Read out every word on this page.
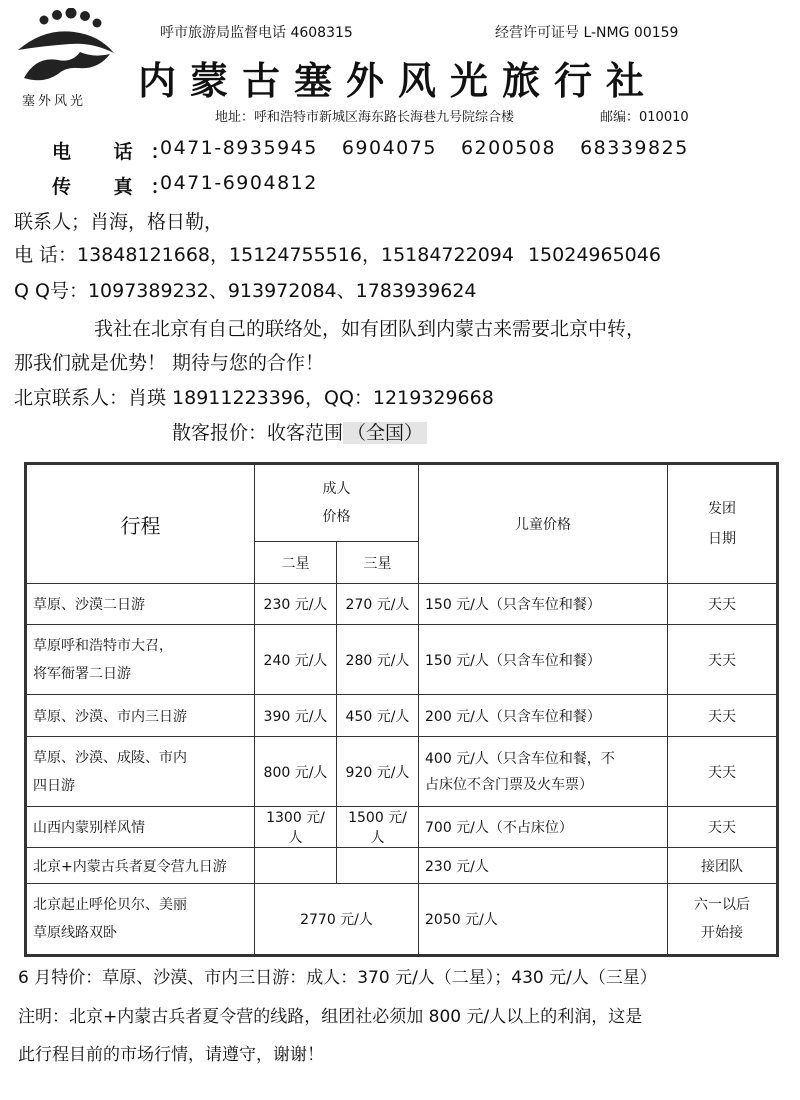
塞外风光
呼市旅游局监督电话 4608315	经营许可证号 L-NMG 00159
内蒙古塞外风光旅行社
地址：呼和浩特市新城区海东路长海巷九号院综合楼	邮编：010010
电 话：
0471-8935945 6904075 6200508 68339825
传 真：
0471-6904812
联系人；肖海，格日勒，
电 话：13848121668，15124755516，15184722094 15024965046
Q Q号：1097389232、913972084、1783939624
我社在北京有自己的联络处，如有团队到内蒙古来需要北京中转，
那我们就是优势！ 期待与您的合作！
北京联系人：肖瑛 18911223396，QQ：1219329668
散客报价：收客范围 （全国）
行程	成人
价格		儿童价格	发团
日期
	二星	三星		
草原、沙漠二日游	230 元/人	270 元/人	150 元/人（只含车位和餐）	天天
草原呼和浩特市大召，
将军衙署二日游	240 元/人	280 元/人	150 元/人（只含车位和餐）	天天
草原、沙漠、市内三日游	390 元/人	450 元/人	200 元/人（只含车位和餐）	天天
草原、沙漠、成陵、市内
四日游	800 元/人	920 元/人	400 元/人（只含车位和餐，不
占床位不含门票及火车票）	天天
山西内蒙别样风情	1300 元/人	1500 元/人	700 元/人（不占床位）	天天
北京+内蒙古兵者夏令营九日游			230 元/人	接团队
北京起止呼伦贝尔、美丽
草原线路双卧	2770 元/人		2050 元/人	六一以后
开始接
6 月特价：草原、沙漠、市内三日游：成人：370 元/人（二星）；430 元/人（三星）
注明：北京+内蒙古兵者夏令营的线路，组团社必须加 800 元/人以上的利润，这是
此行程目前的市场行情，请遵守，谢谢！
